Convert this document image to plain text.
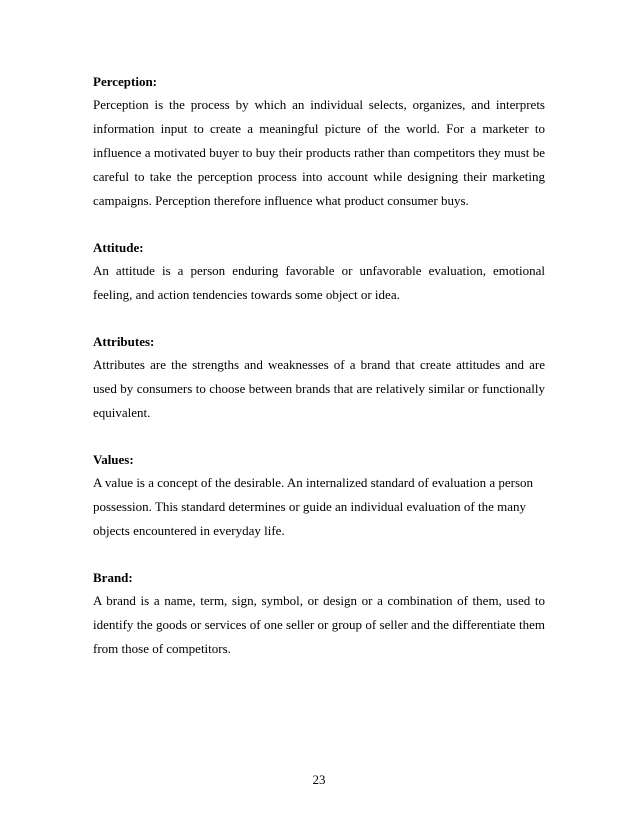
Perception:

Perception is the process by which an individual selects, organizes, and interprets information input to create a meaningful picture of the world. For a marketer to influence a motivated buyer to buy their products rather than competitors they must be careful to take the perception process into account while designing their marketing campaigns. Perception therefore influence what product consumer buys.

Attitude:

An attitude is a person enduring favorable or unfavorable evaluation, emotional feeling, and action tendencies towards some object or idea.

Attributes:

Attributes are the strengths and weaknesses of a brand that create attitudes and are used by consumers to choose between brands that are relatively similar or functionally equivalent.

Values:

A value is a concept of the desirable. An internalized standard of evaluation a person possession. This standard determines or guide an individual evaluation of the many objects encountered in everyday life.

Brand:

A brand is a name, term, sign, symbol, or design or a combination of them, used to identify the goods or services of one seller or group of seller and the differentiate them from those of competitors.

23
